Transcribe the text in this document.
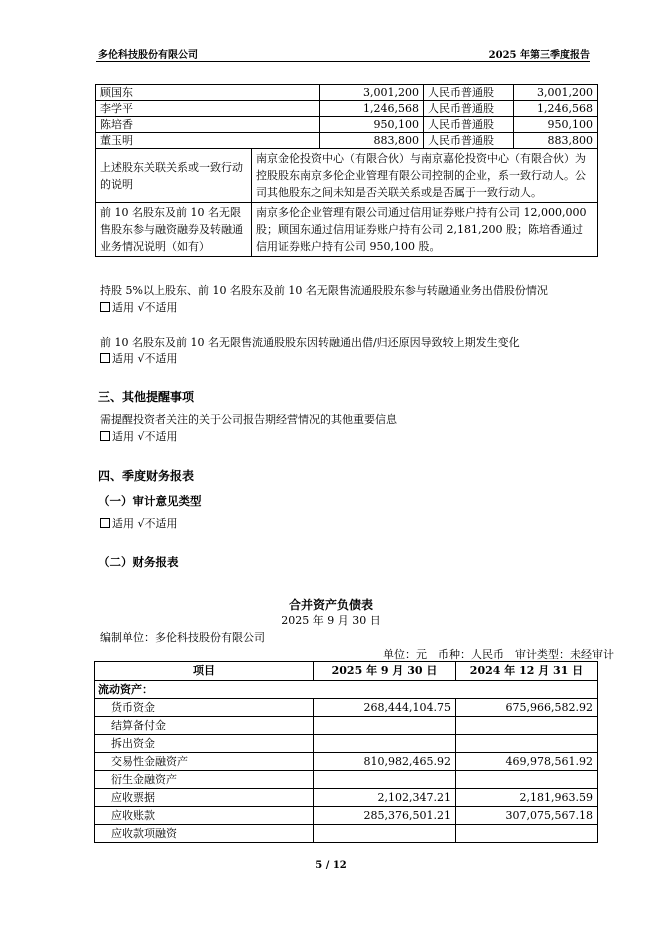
多伦科技股份有限公司	2025 年第三季度报告
顾国东		3,001,200	人民币普通股	3,001,200
李学平		1,246,568	人民币普通股	1,246,568
陈培香		950,100	人民币普通股	950,100
董玉明		883,800	人民币普通股	883,800
上述股东关联关系或一致行动的说明	南京金伦投资中心（有限合伙）与南京嘉伦投资中心（有限合伙）为控股股东南京多伦企业管理有限公司控制的企业，系一致行动人。公司其他股东之间未知是否关联关系或是否属于一致行动人。			
前 10 名股东及前 10 名无限售股东参与融资融券及转融通业务情况说明（如有）	南京多伦企业管理有限公司通过信用证券账户持有公司 12,000,000 股；顾国东通过信用证券账户持有公司 2,181,200 股；陈培香通过信用证券账户持有公司 950,100 股。			
持股 5%以上股东、前 10 名股东及前 10 名无限售流通股股东参与转融通业务出借股份情况
适用 √不适用
前 10 名股东及前 10 名无限售流通股股东因转融通出借/归还原因导致较上期发生变化
适用 √不适用
三、其他提醒事项
需提醒投资者关注的关于公司报告期经营情况的其他重要信息
适用 √不适用
四、季度财务报表
（一）审计意见类型
适用 √不适用
（二）财务报表
合并资产负债表
2025 年 9 月 30 日
编制单位：多伦科技股份有限公司
单位：元　币种：人民币　审计类型：未经审计
项目	2025 年 9 月 30 日	2024 年 12 月 31 日
流动资产：		
货币资金	268,444,104.75	675,966,582.92
结算备付金		
拆出资金		
交易性金融资产	810,982,465.92	469,978,561.92
衍生金融资产		
应收票据	2,102,347.21	2,181,963.59
应收账款	285,376,501.21	307,075,567.18
应收款项融资		
5 / 12
